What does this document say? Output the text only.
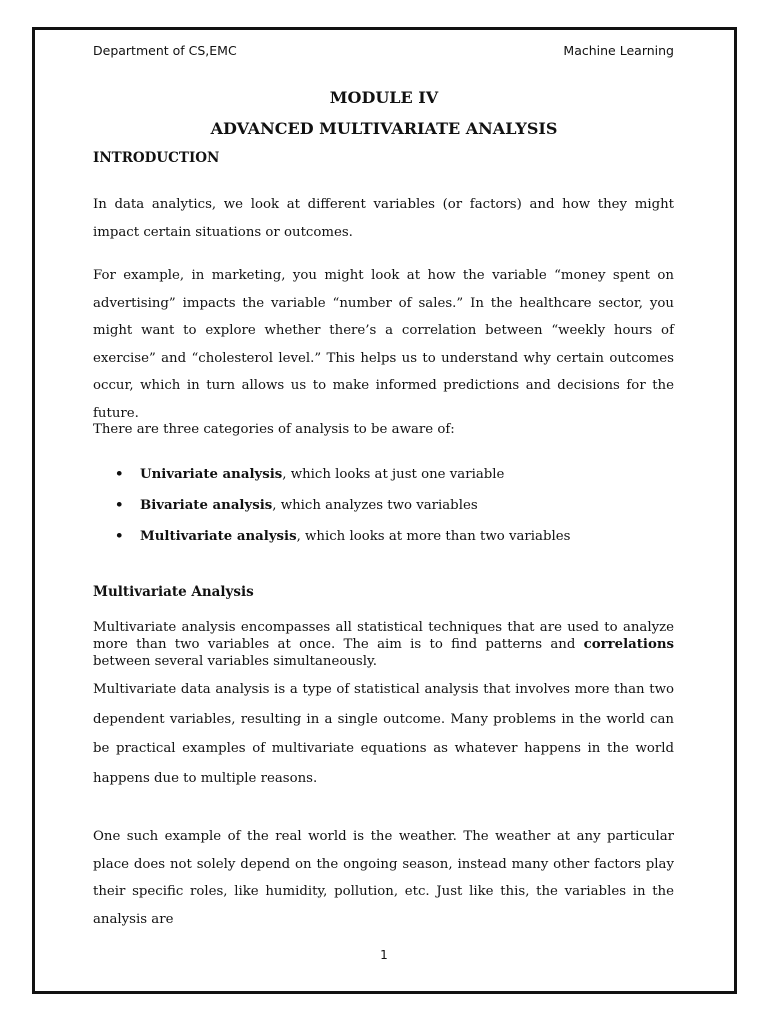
Department of CS,EMC	Machine Learning
MODULE IV
ADVANCED MULTIVARIATE ANALYSIS
INTRODUCTION

In data analytics, we look at different variables (or factors) and how they might impact certain situations or outcomes.

For example, in marketing, you might look at how the variable “money spent on advertising” impacts the variable “number of sales.” In the healthcare sector, you might want to explore whether there’s a correlation between “weekly hours of exercise” and “cholesterol level.” This helps us to understand why certain outcomes occur, which in turn allows us to make informed predictions and decisions for the future.

There are three categories of analysis to be aware of:

• Univariate analysis, which looks at just one variable
• Bivariate analysis, which analyzes two variables
• Multivariate analysis, which looks at more than two variables
Multivariate Analysis

Multivariate analysis encompasses all statistical techniques that are used to analyze more than two variables at once. The aim is to find patterns and correlations between several variables simultaneously.

Multivariate data analysis is a type of statistical analysis that involves more than two dependent variables, resulting in a single outcome. Many problems in the world can be practical examples of multivariate equations as whatever happens in the world happens due to multiple reasons.

One such example of the real world is the weather. The weather at any particular place does not solely depend on the ongoing season, instead many other factors play their specific roles, like humidity, pollution, etc. Just like this, the variables in the analysis are

1
